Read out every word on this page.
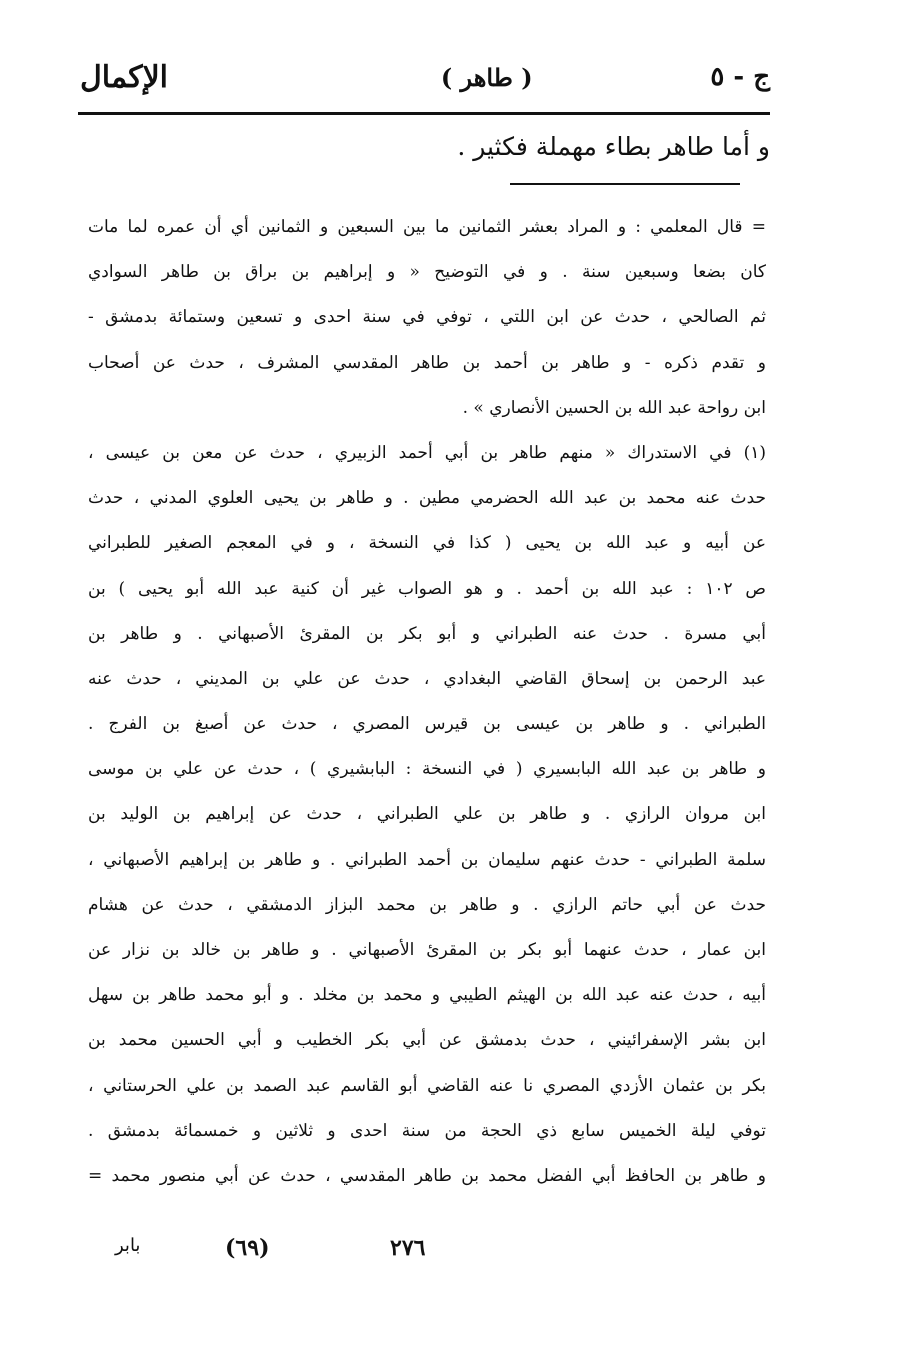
الإكمال	( طاهر )	ج - ٥
و أما طاهر بطاء مهملة فكثير .
= قال المعلمي : و المراد بعشر الثمانين ما بين السبعين و الثمانين أي أن عمره لما مات
كان بضعا وسبعين سنة . و في التوضيح « و إبراهيم بن براق بن طاهر السوادي
ثم الصالحي ، حدث عن ابن اللتي ، توفي في سنة احدى و تسعين وستمائة بدمشق -
و تقدم ذكره - و طاهر بن أحمد بن طاهر المقدسي المشرف ، حدث عن أصحاب
ابن رواحة عبد الله بن الحسين الأنصاري » .
(١) في الاستدراك « منهم طاهر بن أبي أحمد الزبيري ، حدث عن معن بن عيسى ،
حدث عنه محمد بن عبد الله الحضرمي مطين . و طاهر بن يحيى العلوي المدني ، حدث
عن أبيه و عبد الله بن يحيى ( كذا في النسخة ، و في المعجم الصغير للطبراني
ص ١٠٢ : عبد الله بن أحمد . و هو الصواب غير أن كنية عبد الله أبو يحيى ) بن
أبي مسرة . حدث عنه الطبراني و أبو بكر بن المقرئ الأصبهاني . و طاهر بن
عبد الرحمن بن إسحاق القاضي البغدادي ، حدث عن علي بن المديني ، حدث عنه
الطبراني . و طاهر بن عيسى بن قيرس المصري ، حدث عن أصبغ بن الفرج .
و طاهر بن عبد الله البابسيري ( في النسخة : البابشيري ) ، حدث عن علي بن موسى
ابن مروان الرازي . و طاهر بن علي الطبراني ، حدث عن إبراهيم بن الوليد بن
سلمة الطبراني - حدث عنهم سليمان بن أحمد الطبراني . و طاهر بن إبراهيم الأصبهاني ،
حدث عن أبي حاتم الرازي . و طاهر بن محمد البزاز الدمشقي ، حدث عن هشام
ابن عمار ، حدث عنهما أبو بكر بن المقرئ الأصبهاني . و طاهر بن خالد بن نزار عن
أبيه ، حدث عنه عبد الله بن الهيثم الطيبي و محمد بن مخلد . و أبو محمد طاهر بن سهل
ابن بشر الإسفرائيني ، حدث بدمشق عن أبي بكر الخطيب و أبي الحسين محمد بن
بكر بن عثمان الأزدي المصري نا عنه القاضي أبو القاسم عبد الصمد بن علي الحرستاني ،
توفي ليلة الخميس سابع ذي الحجة من سنة احدى و ثلاثين و خمسمائة بدمشق .
و طاهر بن الحافظ أبي الفضل محمد بن طاهر المقدسي ، حدث عن أبي منصور محمد =
٢٧٦
(٦٩)
بابر
